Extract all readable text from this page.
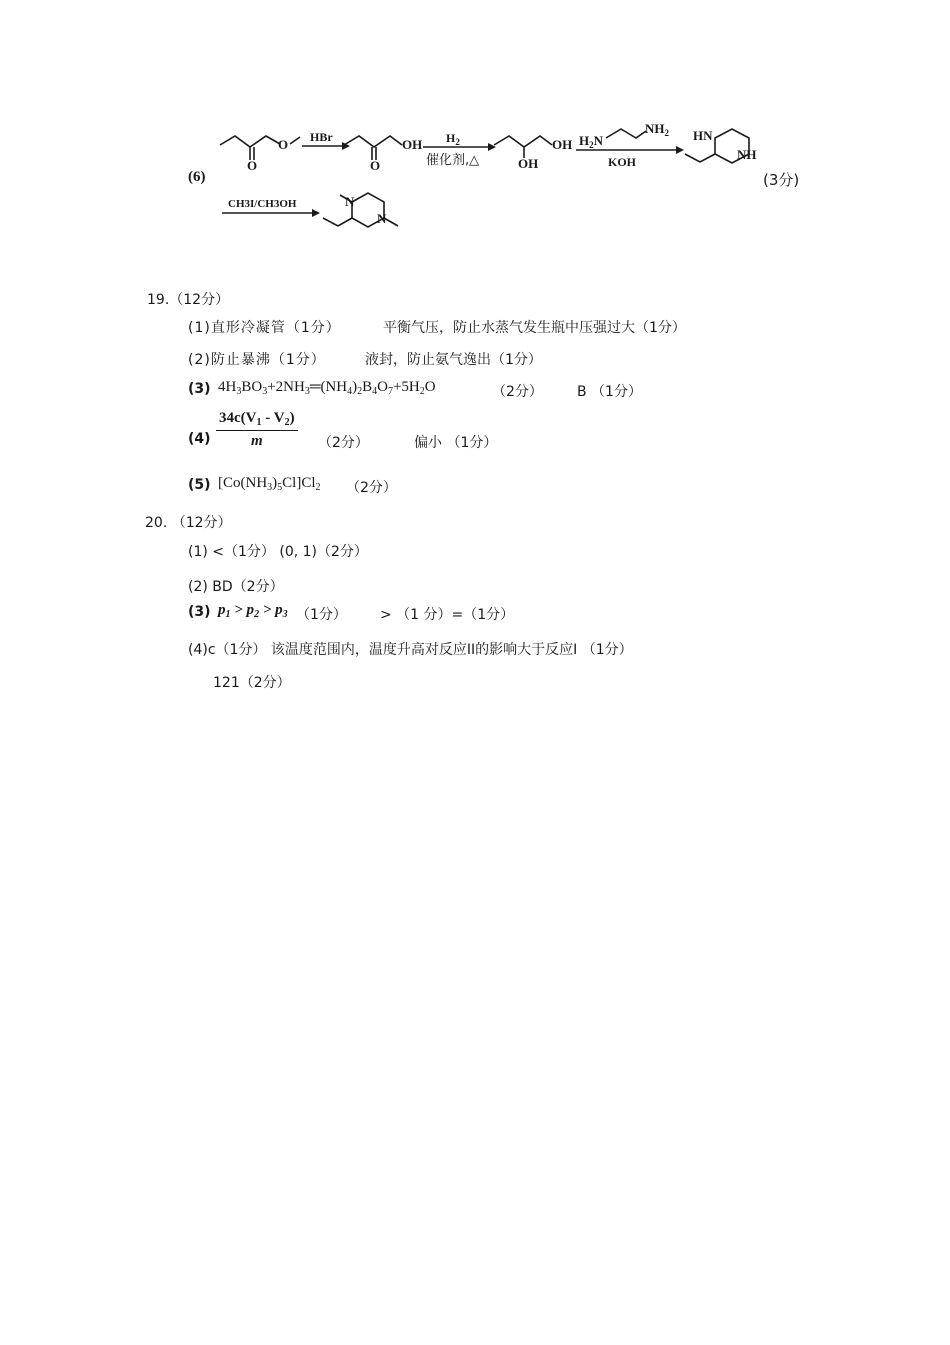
O
O
OH
O
OH
OH
$H_2N$
$NH_2$ HN
NH
N
N
HBr	$H_2$
催化剂,△	KOH
CH3I/CH3OH
(6)	(3分)
19.（12分）
(1)直形冷凝管（1分）	平衡气压，防止水蒸气发生瓶中压强过大（1分）
(2)防止暴沸（1分）	液封，防止氨气逸出（1分）
(3) $4H_3BO_3+2NH_3═(NH_4)_2B_4O_7+5H_2O$	（2分） B （1分）
$(4) \frac{34c(V_1 - V_2)}{m} (2$分）	偏小 （1分）
(5) $[Co(NH_3)_5Cl]Cl_2$ （2分）
20. （12分）
(1) <（1分） (0, 1)（2分）
(2) BD（2分）
(3) $p_1 > p_2 > p_3$ （1分） > （1 分）=（1分）
(4)c（1分） 该温度范围内，温度升高对反应II的影响大于反应I （1分）
121（2分）
